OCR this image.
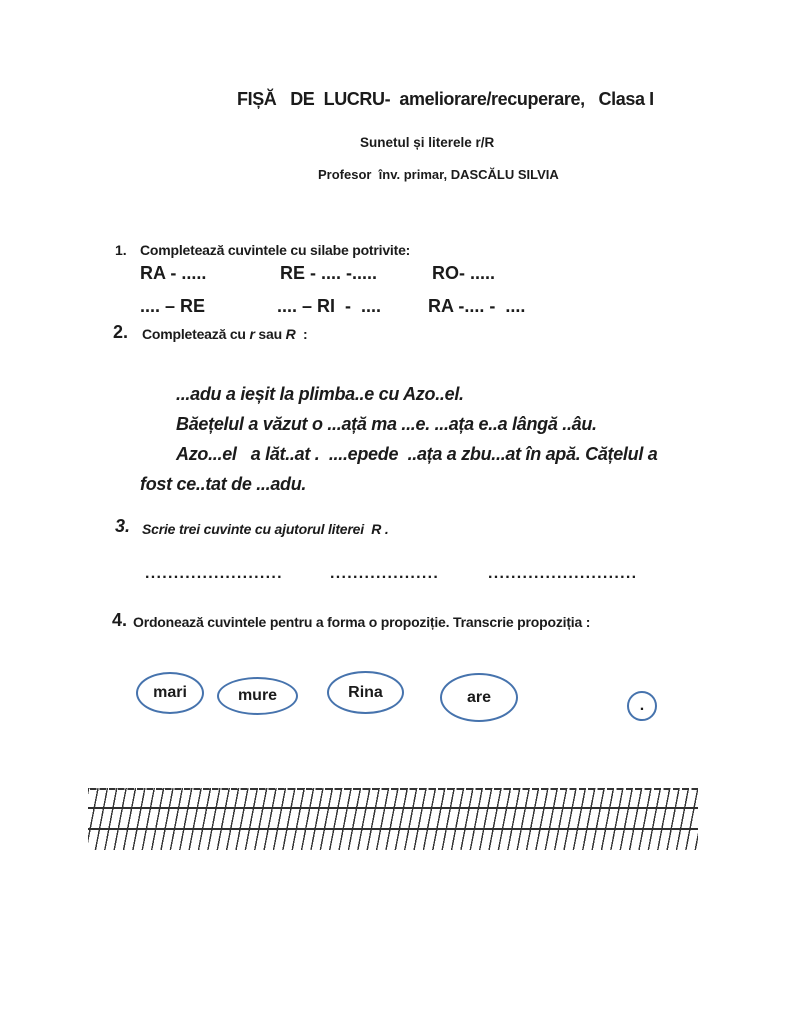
FIȘĂ   DE  LUCRU-  ameliorare/recuperare,   Clasa I
Sunetul și literele r/R
Profesor  înv. primar, DASCĂLU SILVIA
1. Completează cuvintele cu silabe potrivite:
RA - .....	RE - .... -.....	RO- .....
.... – RE	.... – RI  -  ....	RA -.... -  ....
2. Completează cu r sau R  :
...adu a ieșit la plimba..e cu Azo..el.
Băețelul a văzut o ...ață ma ...e. ...ața e..a lângă ..âu.
Azo...el   a lăt..at .  ....epede  ..ața a zbu...at în apă. Cățelul a
fost ce..tat de ...adu.
3. Scrie trei cuvinte cu ajutorul literei  R .
........................	...................	..........................
4. Ordonează cuvintele pentru a forma o propoziție. Transcrie propoziția :
mari	mure	Rina	are	.
